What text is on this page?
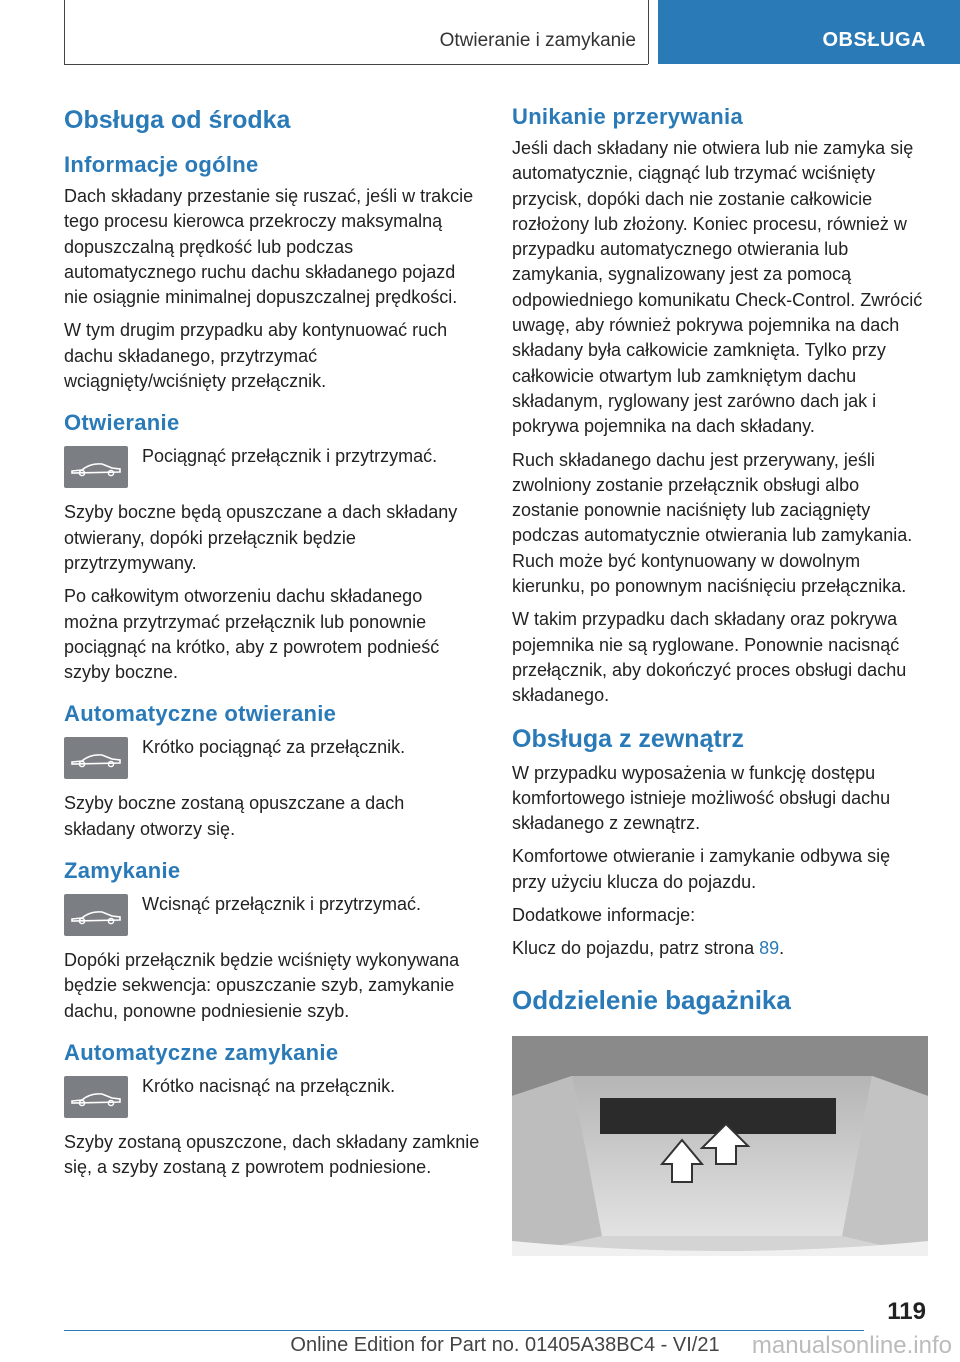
Otwieranie i zamykanie	OBSŁUGA
Obsługa od środka
Informacje ogólne

Dach składany przestanie się ruszać, jeśli w trakcie tego procesu kierowca przekroczy maksymalną dopuszczalną prędkość lub podczas automatycznego ruchu dachu składanego pojazd nie osiągnie minimalnej dopuszczalnej prędkości.

W tym drugim przypadku aby kontynuować ruch dachu składanego, przytrzymać wciągnięty/wciśnięty przełącznik.

Otwieranie
Pociągnąć przełącznik i przytrzymać.

Szyby boczne będą opuszczane a dach składany otwierany, dopóki przełącznik będzie przytrzymywany.

Po całkowitym otworzeniu dachu składanego można przytrzymać przełącznik lub ponownie pociągnąć na krótko, aby z powrotem podnieść szyby boczne.

Automatyczne otwieranie
Krótko pociągnąć za przełącznik.

Szyby boczne zostaną opuszczane a dach składany otworzy się.

Zamykanie
Wcisnąć przełącznik i przytrzymać.

Dopóki przełącznik będzie wciśnięty wykonywana będzie sekwencja: opuszczanie szyb, zamykanie dachu, ponowne podniesienie szyb.

Automatyczne zamykanie
Krótko nacisnąć na przełącznik.

Szyby zostaną opuszczone, dach składany zamknie się, a szyby zostaną z powrotem podniesione.

Unikanie przerywania

Jeśli dach składany nie otwiera lub nie zamyka się automatycznie, ciągnąć lub trzymać wciśnięty przycisk, dopóki dach nie zostanie całkowicie rozłożony lub złożony. Koniec procesu, również w przypadku automatycznego otwierania lub zamykania, sygnalizowany jest za pomocą odpowiedniego komunikatu Check-Control. Zwrócić uwagę, aby również pokrywa pojemnika na dach składany była całkowicie zamknięta. Tylko przy całkowicie otwartym lub zamkniętym dachu składanym, ryglowany jest zarówno dach jak i pokrywa pojemnika na dach składany.

Ruch składanego dachu jest przerywany, jeśli zwolniony zostanie przełącznik obsługi albo zostanie ponownie naciśnięty lub zaciągnięty podczas automatycznie otwierania lub zamykania. Ruch może być kontynuowany w dowolnym kierunku, po ponownym naciśnięciu przełącznika.

W takim przypadku dach składany oraz pokrywa pojemnika nie są ryglowane. Ponownie nacisnąć przełącznik, aby dokończyć proces obsługi dachu składanego.

Obsługa z zewnątrz

W przypadku wyposażenia w funkcję dostępu komfortowego istnieje możliwość obsługi dachu składanego z zewnątrz.

Komfortowe otwieranie i zamykanie odbywa się przy użyciu klucza do pojazdu.

Dodatkowe informacje:

Klucz do pojazdu, patrz strona 89.

Oddzielenie bagażnika
119
Online Edition for Part no. 01405A38BC4 - VI/21	manualsonline.info
